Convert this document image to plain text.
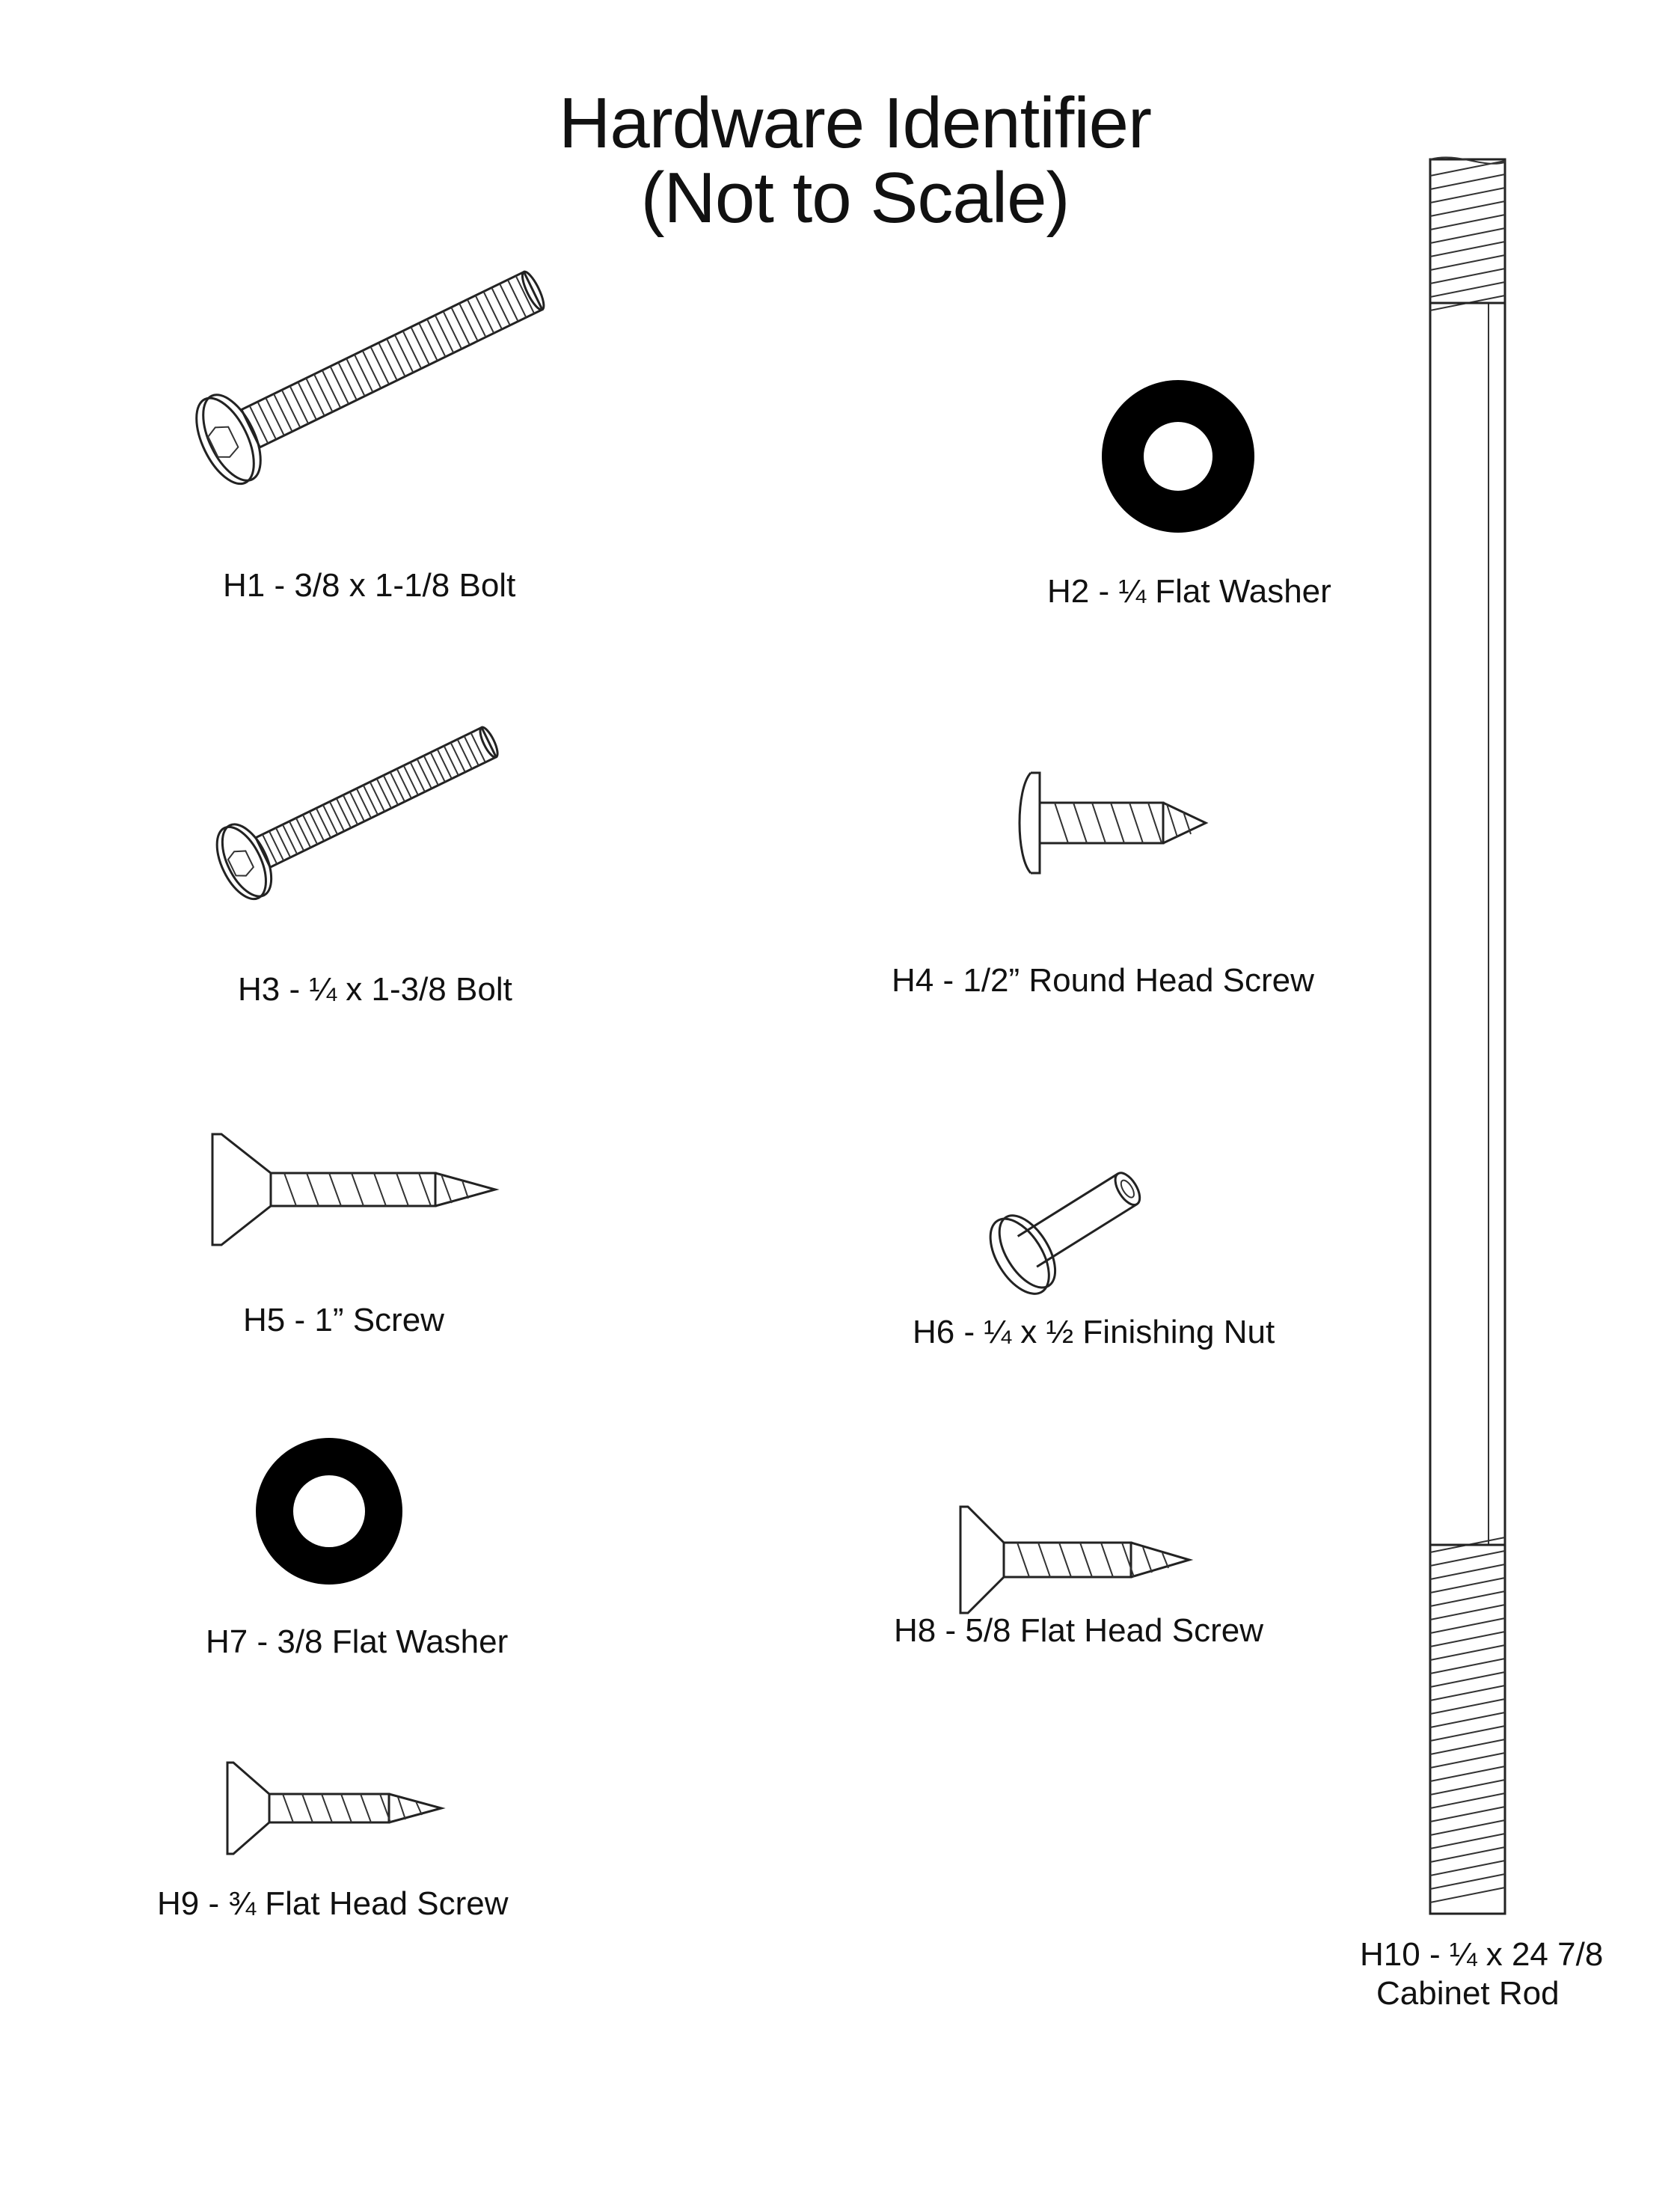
Hardware Identifier
(Not to Scale)
H1 - 3/8 x 1-1/8 Bolt	H2 - ¼ Flat Washer
H3 - ¼ x 1-3/8 Bolt	H4 - 1/2” Round Head Screw
H5 - 1” Screw	H6 - ¼ x ½ Finishing Nut
H7 - 3/8 Flat Washer	H8 - 5/8 Flat Head Screw
H9 - ¾ Flat Head Screw
H10 - ¼ x 24 7/8
Cabinet Rod
